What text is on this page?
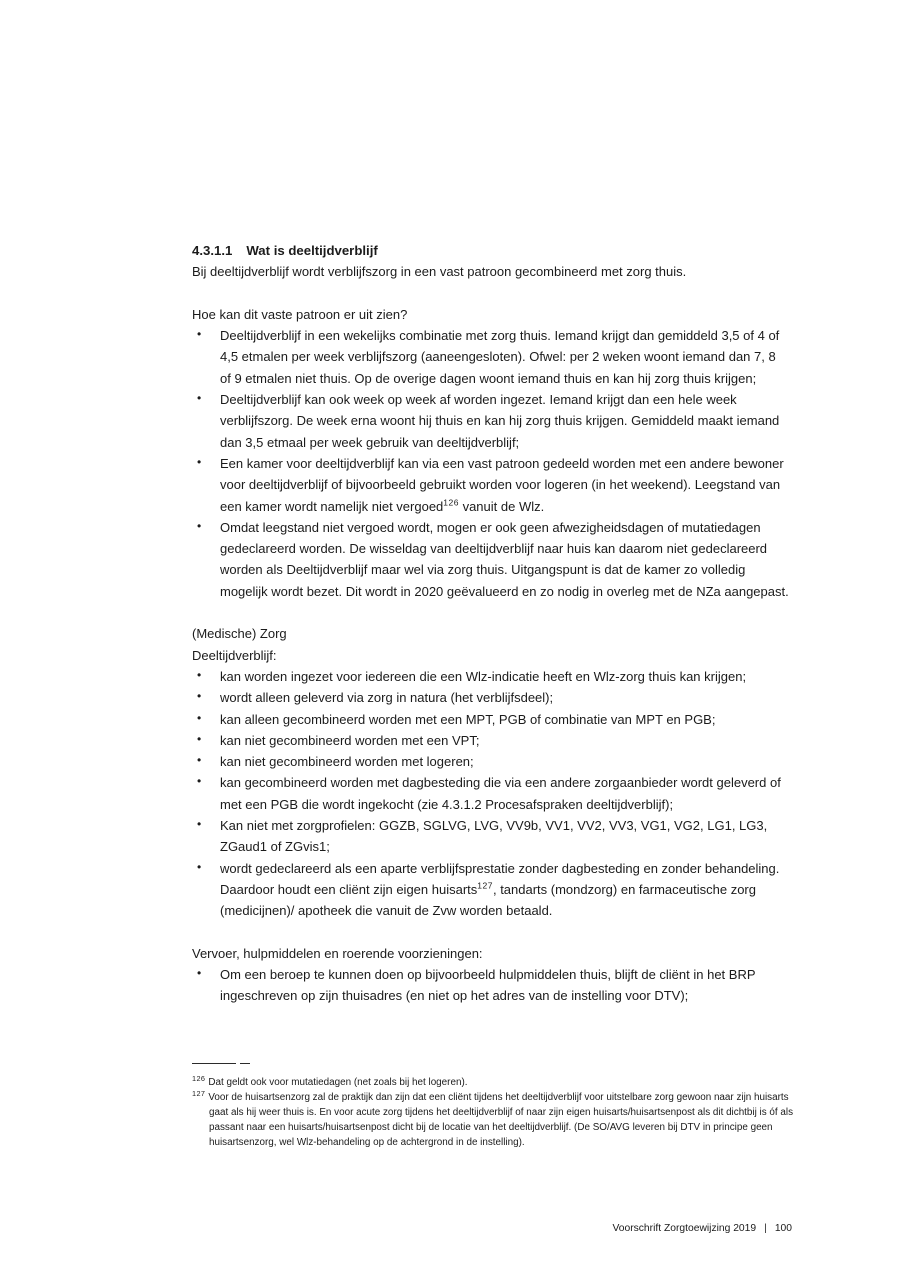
4.3.1.1 Wat is deeltijdverblijf

Bij deeltijdverblijf wordt verblijfszorg in een vast patroon gecombineerd met zorg thuis.

Hoe kan dit vaste patroon er uit zien?

• Deeltijdverblijf in een wekelijks combinatie met zorg thuis. Iemand krijgt dan gemiddeld 3,5 of 4 of 4,5 etmalen per week verblijfszorg (aaneengesloten). Ofwel: per 2 weken woont iemand dan 7, 8 of 9 etmalen niet thuis. Op de overige dagen woont iemand thuis en kan hij zorg thuis krijgen;
• Deeltijdverblijf kan ook week op week af worden ingezet. Iemand krijgt dan een hele week verblijfszorg. De week erna woont hij thuis en kan hij zorg thuis krijgen. Gemiddeld maakt iemand dan 3,5 etmaal per week gebruik van deeltijdverblijf;
• Een kamer voor deeltijdverblijf kan via een vast patroon gedeeld worden met een andere bewoner voor deeltijdverblijf of bijvoorbeeld gebruikt worden voor logeren (in het weekend). Leegstand van een kamer wordt namelijk niet vergoed$^{126}$ vanuit de Wlz.
• Omdat leegstand niet vergoed wordt, mogen er ook geen afwezigheidsdagen of mutatiedagen gedeclareerd worden. De wisseldag van deeltijdverblijf naar huis kan daarom niet gedeclareerd worden als Deeltijdverblijf maar wel via zorg thuis. Uitgangspunt is dat de kamer zo volledig mogelijk wordt bezet. Dit wordt in 2020 geëvalueerd en zo nodig in overleg met de NZa aangepast.

(Medische) Zorg

Deeltijdverblijf:

• kan worden ingezet voor iedereen die een Wlz-indicatie heeft en Wlz-zorg thuis kan krijgen;
• wordt alleen geleverd via zorg in natura (het verblijfsdeel);
• kan alleen gecombineerd worden met een MPT, PGB of combinatie van MPT en PGB;
• kan niet gecombineerd worden met een VPT;
• kan niet gecombineerd worden met logeren;
• kan gecombineerd worden met dagbesteding die via een andere zorgaanbieder wordt geleverd of met een PGB die wordt ingekocht (zie 4.3.1.2 Procesafspraken deeltijdverblijf);
• Kan niet met zorgprofielen: GGZB, SGLVG, LVG, VV9b, VV1, VV2, VV3, VG1, VG2, LG1, LG3, ZGaud1 of ZGvis1;
• wordt gedeclareerd als een aparte verblijfsprestatie zonder dagbesteding en zonder behandeling. Daardoor houdt een cliënt zijn eigen huisarts$^{127}$, tandarts (mondzorg) en farmaceutische zorg (medicijnen)/ apotheek die vanuit de Zvw worden betaald.

Vervoer, hulpmiddelen en roerende voorzieningen:

• Om een beroep te kunnen doen op bijvoorbeeld hulpmiddelen thuis, blijft de cliënt in het BRP ingeschreven op zijn thuisadres (en niet op het adres van de instelling voor DTV);
$^{126}$ Dat geldt ook voor mutatiedagen (net zoals bij het logeren).
$^{127}$ Voor de huisartsenzorg zal de praktijk dan zijn dat een cliënt tijdens het deeltijdverblijf voor uitstelbare zorg gewoon naar zijn huisarts gaat als hij weer thuis is. En voor acute zorg tijdens het deeltijdverblijf of naar zijn eigen huisarts/huisartsenpost als dit dichtbij is óf als passant naar een huisarts/huisartsenpost dicht bij de locatie van het deeltijdverblijf. (De SO/AVG leveren bij DTV in principe geen huisartsenzorg, wel Wlz-behandeling op de achtergrond in de instelling).
Voorschrift Zorgtoewijzing 2019 | 100
